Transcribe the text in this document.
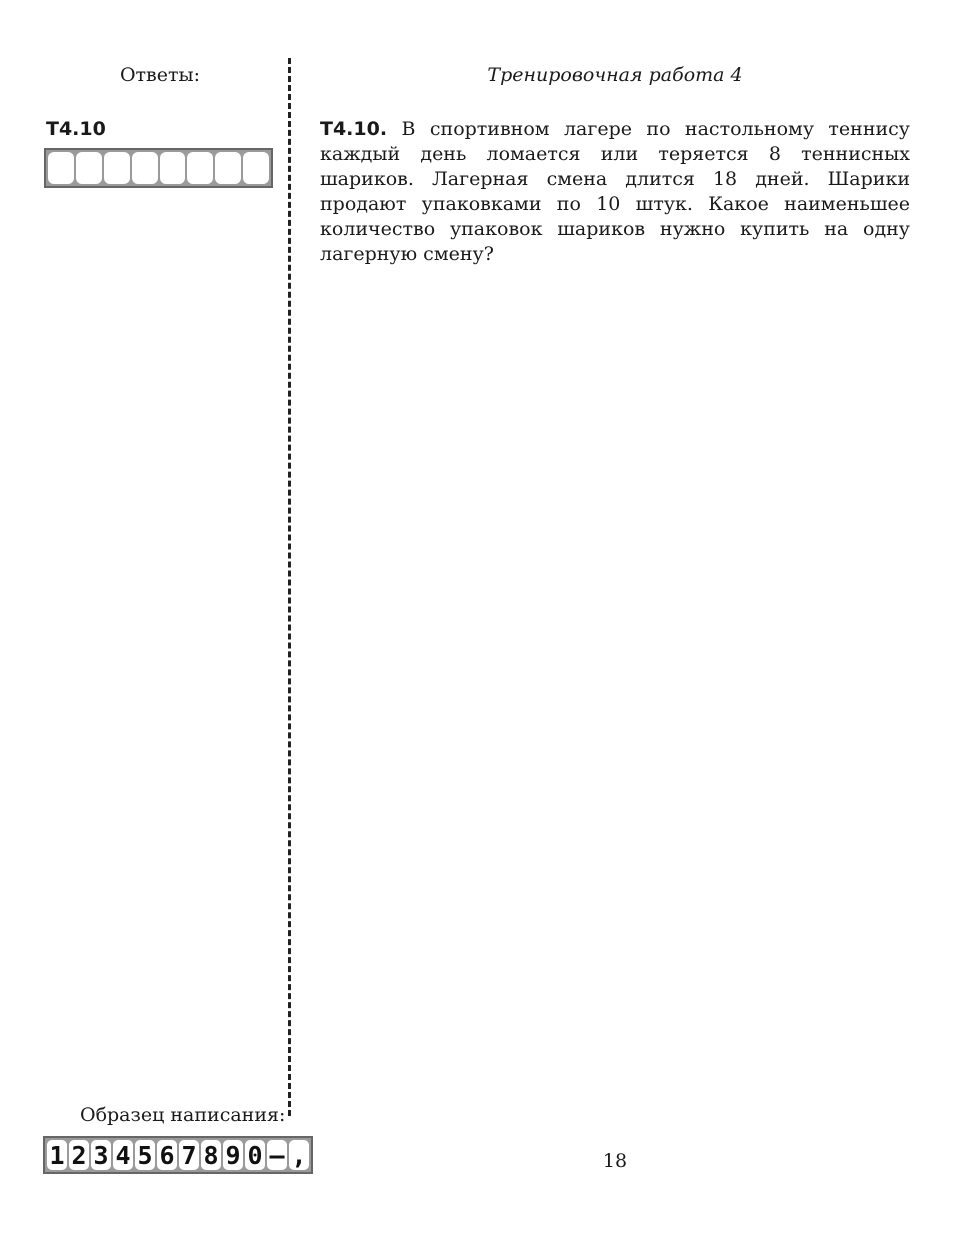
Ответы:	Тренировочная работа 4
T4.10	T4.10. В спортивном лагере по настольному теннису каждый день ломается или теряется 8 теннисных шариков. Лагерная смена длится 18 дней. Шарики продают упаковками по 10 штук. Какое наименьшее количество упаковок шариков нужно купить на одну лагерную смену?
Образец написания:
1 2 3 4 5 6 7 8 9 0 – ,	18
